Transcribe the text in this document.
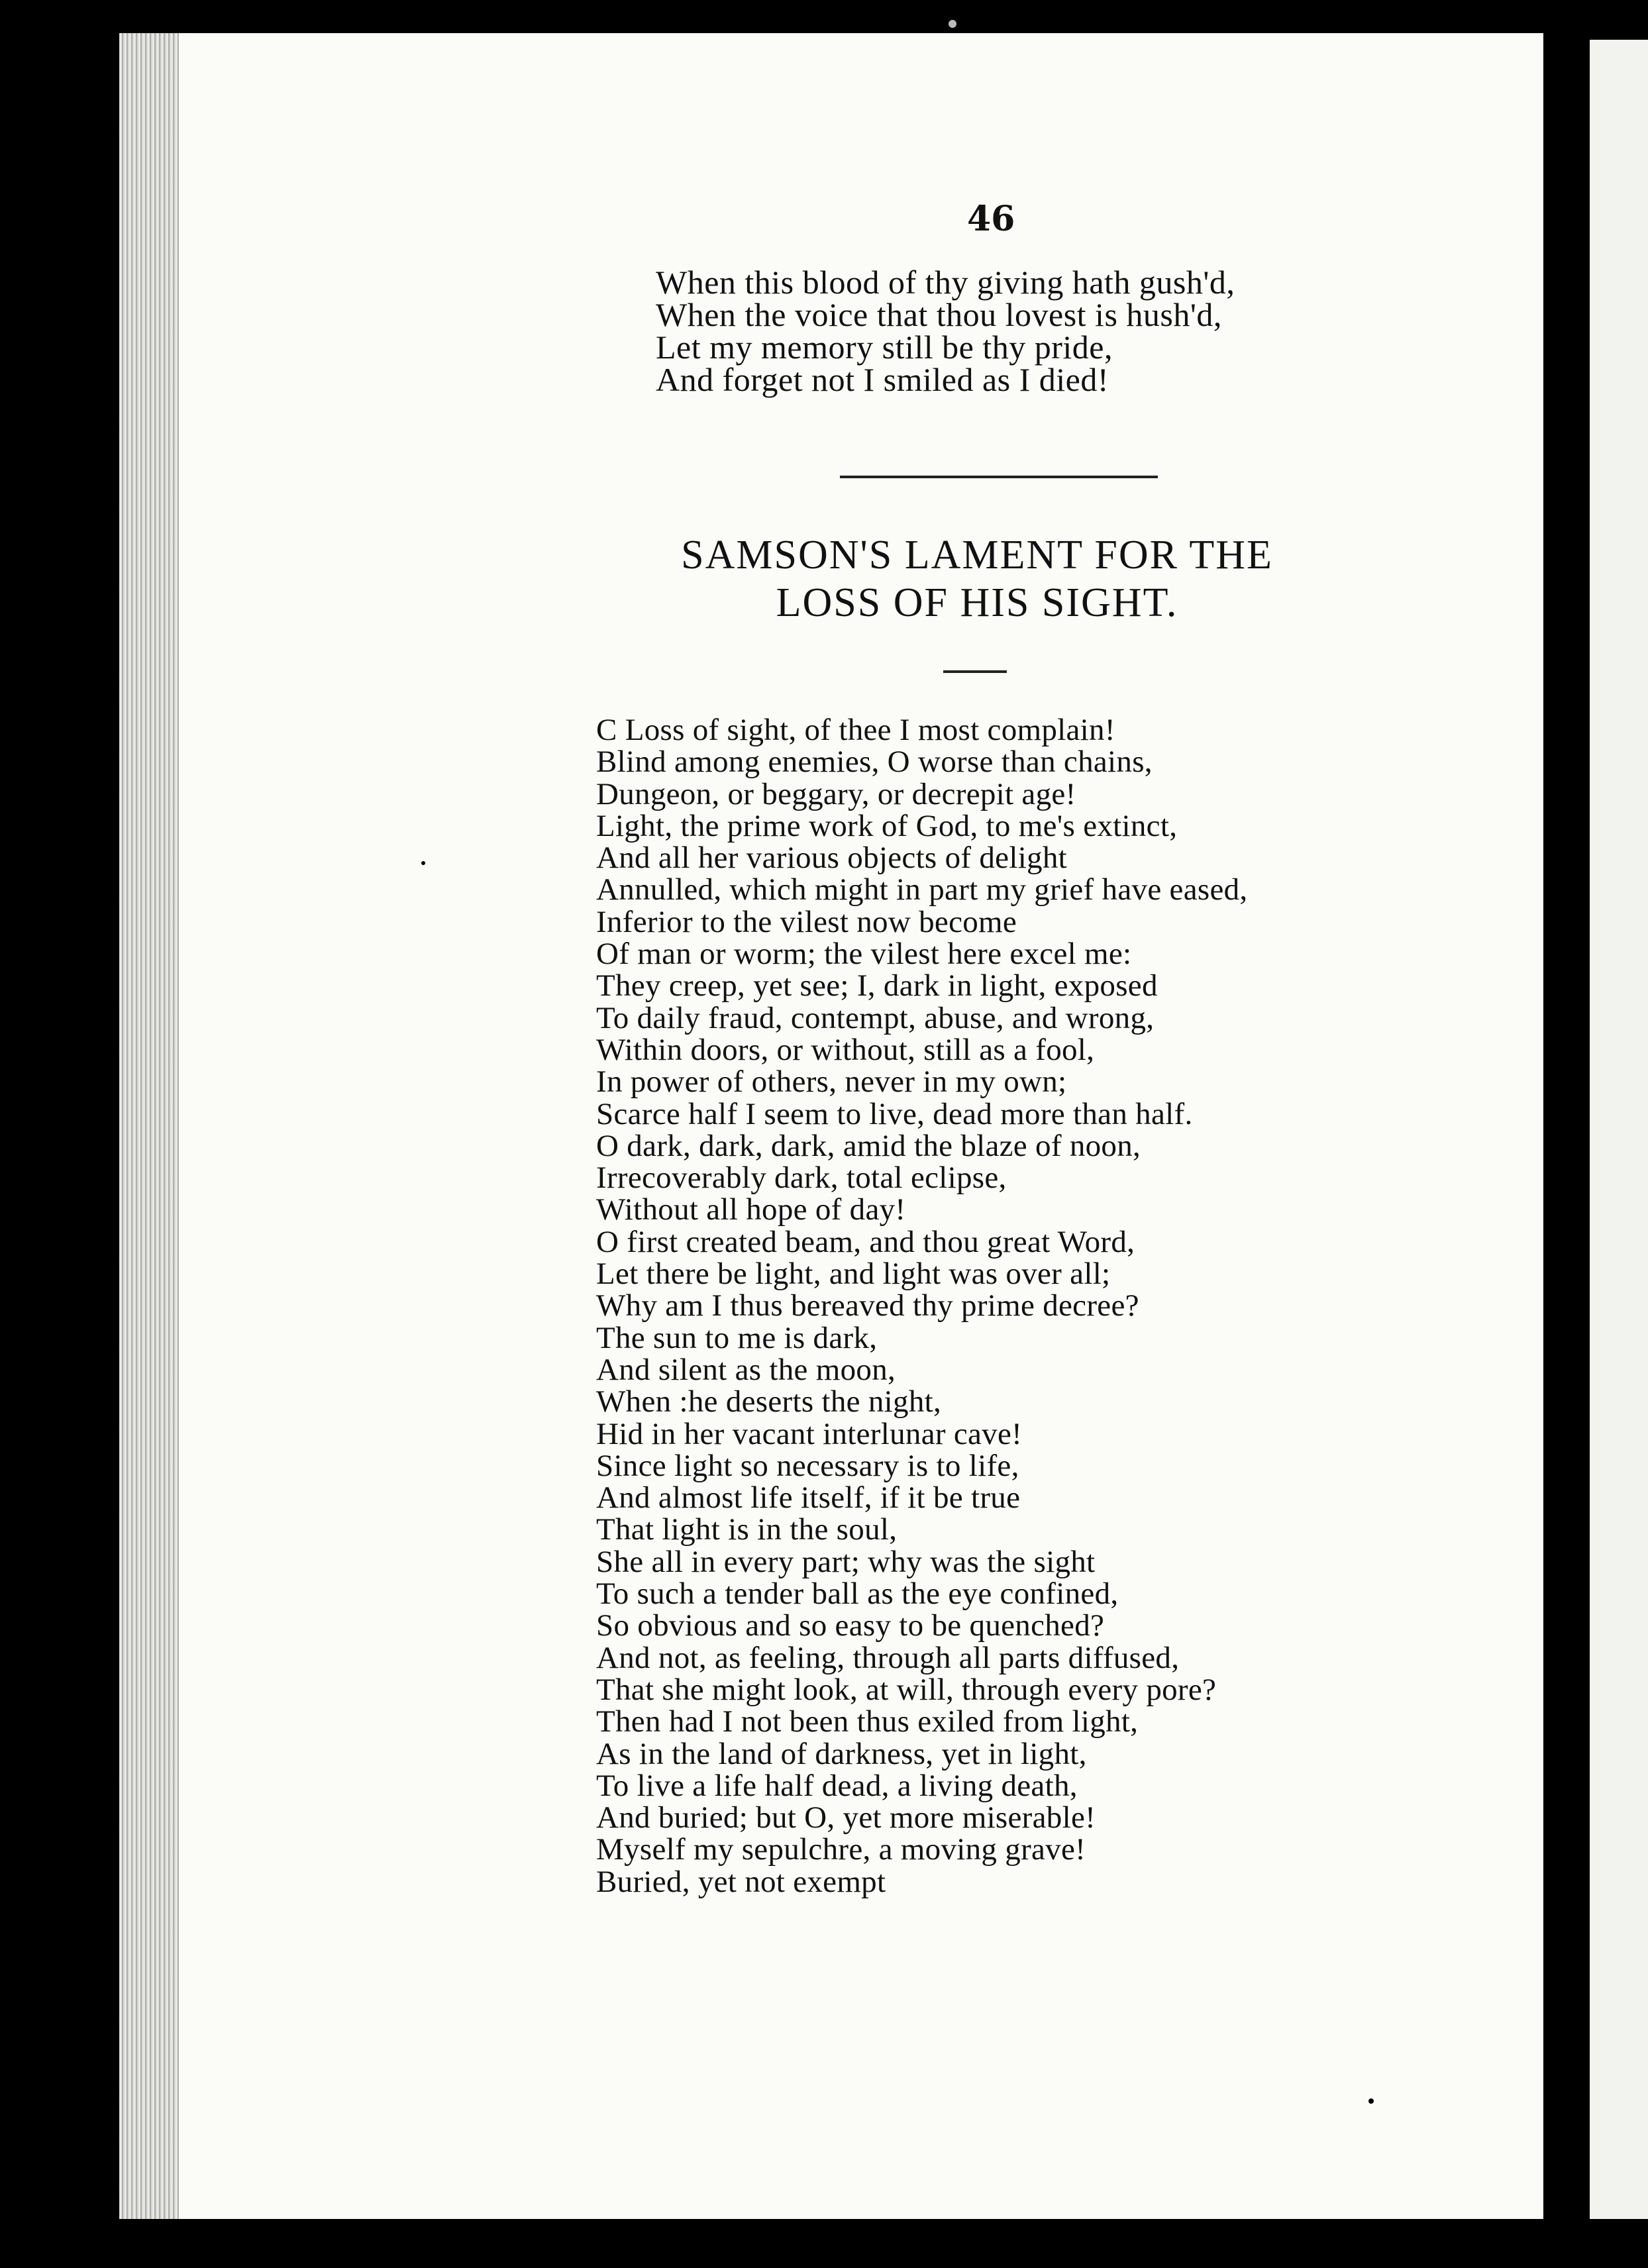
46
When this blood of thy giving hath gush'd,
When the voice that thou lovest is hush'd,
Let my memory still be thy pride,
And forget not I smiled as I died!
SAMSON'S LAMENT FOR THE
LOSS OF HIS SIGHT.
C Loss of sight, of thee I most complain!
Blind among enemies, O worse than chains,
Dungeon, or beggary, or decrepit age!
Light, the prime work of God, to me's extinct,
And all her various objects of delight
Annulled, which might in part my grief have eased,
Inferior to the vilest now become
Of man or worm; the vilest here excel me:
They creep, yet see; I, dark in light, exposed
To daily fraud, contempt, abuse, and wrong,
Within doors, or without, still as a fool,
In power of others, never in my own;
Scarce half I seem to live, dead more than half.
O dark, dark, dark, amid the blaze of noon,
Irrecoverably dark, total eclipse,
Without all hope of day!
O first created beam, and thou great Word,
Let there be light, and light was over all;
Why am I thus bereaved thy prime decree?
The sun to me is dark,
And silent as the moon,
When :he deserts the night,
Hid in her vacant interlunar cave!
Since light so necessary is to life,
And almost life itself, if it be true
That light is in the soul,
She all in every part; why was the sight
To such a tender ball as the eye confined,
So obvious and so easy to be quenched?
And not, as feeling, through all parts diffused,
That she might look, at will, through every pore?
Then had I not been thus exiled from light,
As in the land of darkness, yet in light,
To live a life half dead, a living death,
And buried; but O, yet more miserable!
Myself my sepulchre, a moving grave!
Buried, yet not exempt
